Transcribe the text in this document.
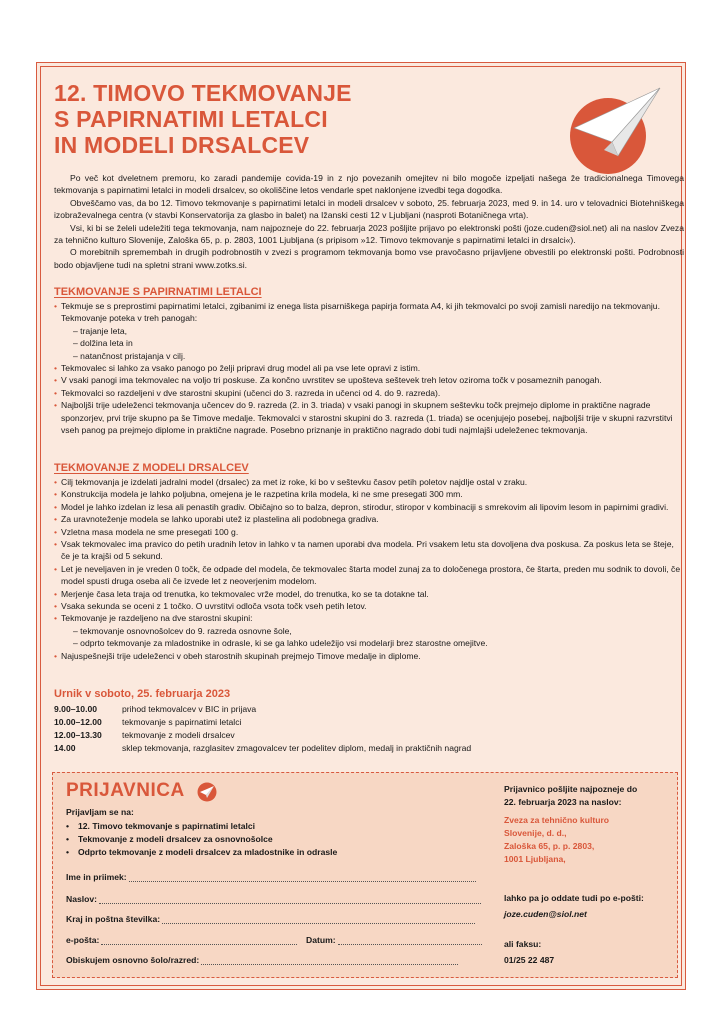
12. TIMOVO TEKMOVANJE
S PAPIRNATIMI LETALCI
IN MODELI DRSALCEV

Po več kot dveletnem premoru, ko zaradi pandemije covida-19 in z njo povezanih omejitev ni bilo mogoče izpeljati našega že tradicionalnega Timovega tekmovanja s papirnatimi letalci in modeli drsalcev, so okoliščine letos vendarle spet naklonjene izvedbi tega dogodka.

Obveščamo vas, da bo 12. Timovo tekmovanje s papirnatimi letalci in modeli drsalcev v soboto, 25. februarja 2023, med 9. in 14. uro v telovadnici Biotehniškega izobraževalnega centra (v stavbi Konservatorija za glasbo in balet) na Ižanski cesti 12 v Ljubljani (nasproti Botaničnega vrta).

Vsi, ki bi se želeli udeležiti tega tekmovanja, nam najpozneje do 22. februarja 2023 pošljite prijavo po elektronski pošti (joze.cuden@siol.net) ali na naslov Zveza za tehnično kulturo Slovenije, Zaloška 65, p. p. 2803, 1001 Ljubljana (s pripisom »12. Timovo tekmovanje s papirnatimi letalci in drsalci«).

O morebitnih spremembah in drugih podrobnostih v zvezi s programom tekmovanja bomo vse pravočasno prijavljene obvestili po elektronski pošti. Podrobnosti bodo objavljene tudi na spletni strani www.zotks.si.

TEKMOVANJE S PAPIRNATIMI LETALCI
• Tekmuje se s preprostimi papirnatimi letalci, zgibanimi iz enega lista pisarniškega papirja formata A4, ki jih tekmovalci po svoji zamisli naredijo na tekmovanju. Tekmovanje poteka v treh panogah:
– trajanje leta,
– dolžina leta in
– natančnost pristajanja v cilj.
• Tekmovalec si lahko za vsako panogo po želji pripravi drug model ali pa vse lete opravi z istim.
• V vsaki panogi ima tekmovalec na voljo tri poskuse. Za končno uvrstitev se upošteva seštevek treh letov oziroma točk v posameznih panogah.
• Tekmovalci so razdeljeni v dve starostni skupini (učenci do 3. razreda in učenci od 4. do 9. razreda).
• Najboljši trije udeleženci tekmovanja učencev do 9. razreda (2. in 3. triada) v vsaki panogi in skupnem seštevku točk prejmejo diplome in praktične nagrade sponzorjev, prvi trije skupno pa še Timove medalje. Tekmovalci v starostni skupini do 3. razreda (1. triada) se ocenjujejo posebej, najboljši trije v skupni razvrstitvi vseh panog pa prejmejo diplome in praktične nagrade. Posebno priznanje in praktično nagrado dobi tudi najmlajši udeleženec tekmovanja.
TEKMOVANJE Z MODELI DRSALCEV
• Cilj tekmovanja je izdelati jadralni model (drsalec) za met iz roke, ki bo v seštevku časov petih poletov najdlje ostal v zraku.
• Konstrukcija modela je lahko poljubna, omejena je le razpetina krila modela, ki ne sme presegati 300 mm.
• Model je lahko izdelan iz lesa ali penastih gradiv. Običajno so to balza, depron, stirodur, stiropor v kombinaciji s smrekovim ali lipovim lesom in papirnimi gradivi.
• Za uravnoteženje modela se lahko uporabi utež iz plastelina ali podobnega gradiva.
• Vzletna masa modela ne sme presegati 100 g.
• Vsak tekmovalec ima pravico do petih uradnih letov in lahko v ta namen uporabi dva modela. Pri vsakem letu sta dovoljena dva poskusa. Za poskus leta se šteje, če je ta krajši od 5 sekund.
• Let je neveljaven in je vreden 0 točk, če odpade del modela, če tekmovalec štarta model zunaj za to določenega prostora, če štarta, preden mu sodnik to dovoli, če model spusti druga oseba ali če izvede let z neoverjenim modelom.
• Merjenje časa leta traja od trenutka, ko tekmovalec vrže model, do trenutka, ko se ta dotakne tal.
• Vsaka sekunda se oceni z 1 točko. O uvrstitvi odloča vsota točk vseh petih letov.
• Tekmovanje je razdeljeno na dve starostni skupini:
– tekmovanje osnovnošolcev do 9. razreda osnovne šole,
– odprto tekmovanje za mladostnike in odrasle, ki se ga lahko udeležijo vsi modelarji brez starostne omejitve.
• Najuspešnejši trije udeleženci v obeh starostnih skupinah prejmejo Timove medalje in diplome.
Urnik v soboto, 25. februarja 2023
9.00–10.00	prihod tekmovalcev v BIC in prijava
10.00–12.00	tekmovanje s papirnatimi letalci
12.00–13.30	tekmovanje z modeli drsalcev
14.00	sklep tekmovanja, razglasitev zmagovalcev ter podelitev diplom, medalj in praktičnih nagrad
PRIJAVNICA
Prijavljam se na:
• 12. Timovo tekmovanje s papirnatimi letalci
• Tekmovanje z modeli drsalcev za osnovnošolce
• Odprto tekmovanje z modeli drsalcev za mladostnike in odrasle
Ime in priimek:
Naslov:
Kraj in poštna številka:
e-pošta:	Datum:
Obiskujem osnovno šolo/razred:
Prijavnico pošljite najpozneje do
22. februarja 2023 na naslov:
Zveza za tehnično kulturo
Slovenije, d. d.,
Zaloška 65, p. p. 2803,
1001 Ljubljana,
lahko pa jo oddate tudi po e-pošti:
joze.cuden@siol.net
ali faksu:
01/25 22 487
